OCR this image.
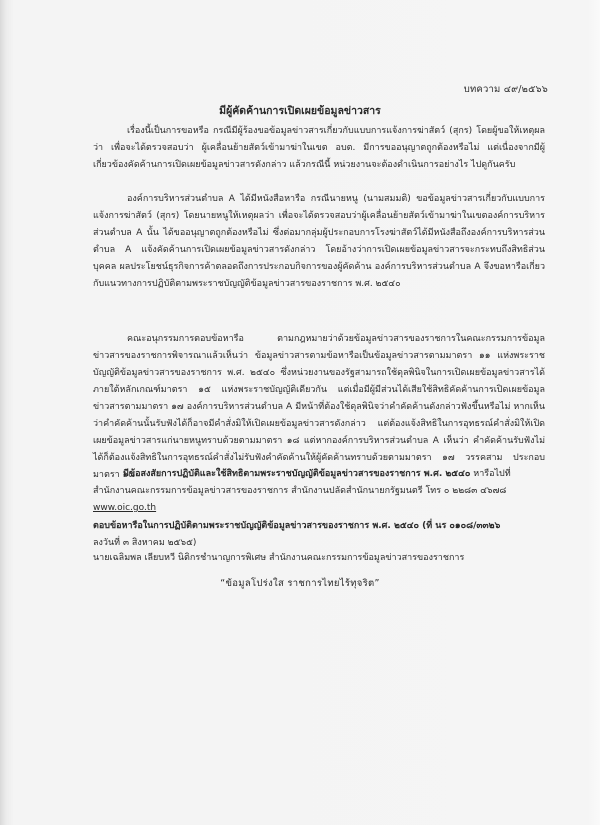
บทความ ๔๙/๒๕๖๖
มีผู้คัดค้านการเปิดเผยข้อมูลข่าวสาร

เรื่องนี้เป็นการขอหรือ กรณีมีผู้ร้องขอข้อมูลข่าวสารเกี่ยวกับแบบการแจ้งการฆ่าสัตว์ (สุกร) โดยผู้ขอให้เหตุผลว่า เพื่อจะได้ตรวจสอบว่า ผู้เคลื่อนย้ายสัตว์เข้ามาฆ่าในเขต อบต. มีการขออนุญาตถูกต้องหรือไม่ แต่เนื่องจากมีผู้เกี่ยวข้องคัดค้านการเปิดเผยข้อมูลข่าวสารดังกล่าว แล้วกรณีนี้ หน่วยงานจะต้องดำเนินการอย่างไร ไปดูกันครับ

องค์การบริหารส่วนตำบล A ได้มีหนังสือหารือ กรณีนายหนู (นามสมมติ) ขอข้อมูลข่าวสารเกี่ยวกับแบบการแจ้งการฆ่าสัตว์ (สุกร) โดยนายหนูให้เหตุผลว่า เพื่อจะได้ตรวจสอบว่าผู้เคลื่อนย้ายสัตว์เข้ามาฆ่าในเขตองค์การบริหารส่วนตำบล A นั้น ได้ขออนุญาตถูกต้องหรือไม่ ซึ่งต่อมากลุ่มผู้ประกอบการโรงฆ่าสัตว์ได้มีหนังสือถึงองค์การบริหารส่วนตำบล A แจ้งคัดค้านการเปิดเผยข้อมูลข่าวสารดังกล่าว โดยอ้างว่าการเปิดเผยข้อมูลข่าวสารจะกระทบถึงสิทธิส่วนบุคคล ผลประโยชน์ธุรกิจการค้าตลอดถึงการประกอบกิจการของผู้คัดค้าน องค์การบริหารส่วนตำบล A จึงขอหารือเกี่ยวกับแนวทางการปฏิบัติตามพระราชบัญญัติข้อมูลข่าวสารของราชการ พ.ศ. ๒๕๔๐

คณะอนุกรรมการตอบข้อหารือ ตามกฎหมายว่าด้วยข้อมูลข่าวสารของราชการในคณะกรรมการข้อมูลข่าวสารของราชการพิจารณาแล้วเห็นว่า ข้อมูลข่าวสารตามข้อหารือเป็นข้อมูลข่าวสารตามมาตรา ๑๑ แห่งพระราชบัญญัติข้อมูลข่าวสารของราชการ พ.ศ. ๒๕๔๐ ซึ่งหน่วยงานของรัฐสามารถใช้ดุลพินิจในการเปิดเผยข้อมูลข่าวสารได้ภายใต้หลักเกณฑ์มาตรา ๑๕ แห่งพระราชบัญญัติเดียวกัน แต่เมื่อมีผู้มีส่วนได้เสียใช้สิทธิคัดค้านการเปิดเผยข้อมูลข่าวสารตามมาตรา ๑๗ องค์การบริหารส่วนตำบล A มีหน้าที่ต้องใช้ดุลพินิจว่าคำคัดค้านดังกล่าวฟังขึ้นหรือไม่ หากเห็นว่าคำคัดค้านนั้นรับฟังได้ก็อาจมีคำสั่งมิให้เปิดเผยข้อมูลข่าวสารดังกล่าว แต่ต้องแจ้งสิทธิในการอุทธรณ์คำสั่งมิให้เปิดเผยข้อมูลข่าวสารแก่นายหนูทราบด้วยตามมาตรา ๑๘ แต่หากองค์การบริหารส่วนตำบล A เห็นว่า คำคัดค้านรับฟังไม่ได้ก็ต้องแจ้งสิทธิในการอุทธรณ์คำสั่งไม่รับฟังคำคัดค้านให้ผู้คัดค้านทราบด้วยตามมาตรา ๑๗ วรรคสาม ประกอบมาตรา ๑๘

มีข้อสงสัยการปฏิบัติและใช้สิทธิตามพระราชบัญญัติข้อมูลข่าวสารของราชการ พ.ศ. ๒๕๔๐ หารือไปที่สำนักงานคณะกรรมการข้อมูลข่าวสารของราชการ สำนักงานปลัดสำนักนายกรัฐมนตรี โทร ๐ ๒๒๘๓ ๔๖๗๘ www.oic.go.th

ตอบข้อหารือในการปฏิบัติตามพระราชบัญญัติข้อมูลข่าวสารของราชการ พ.ศ. ๒๕๔๐ (ที่ นร ๐๑๐๘/๓๓๒๖
ลงวันที่ ๓ สิงหาคม ๒๕๖๕)
นายเฉลิมพล เลียบหวี นิติกรชำนาญการพิเศษ สำนักงานคณะกรรมการข้อมูลข่าวสารของราชการ
“ข้อมูลโปร่งใส ราชการไทยไร้ทุจริต”
